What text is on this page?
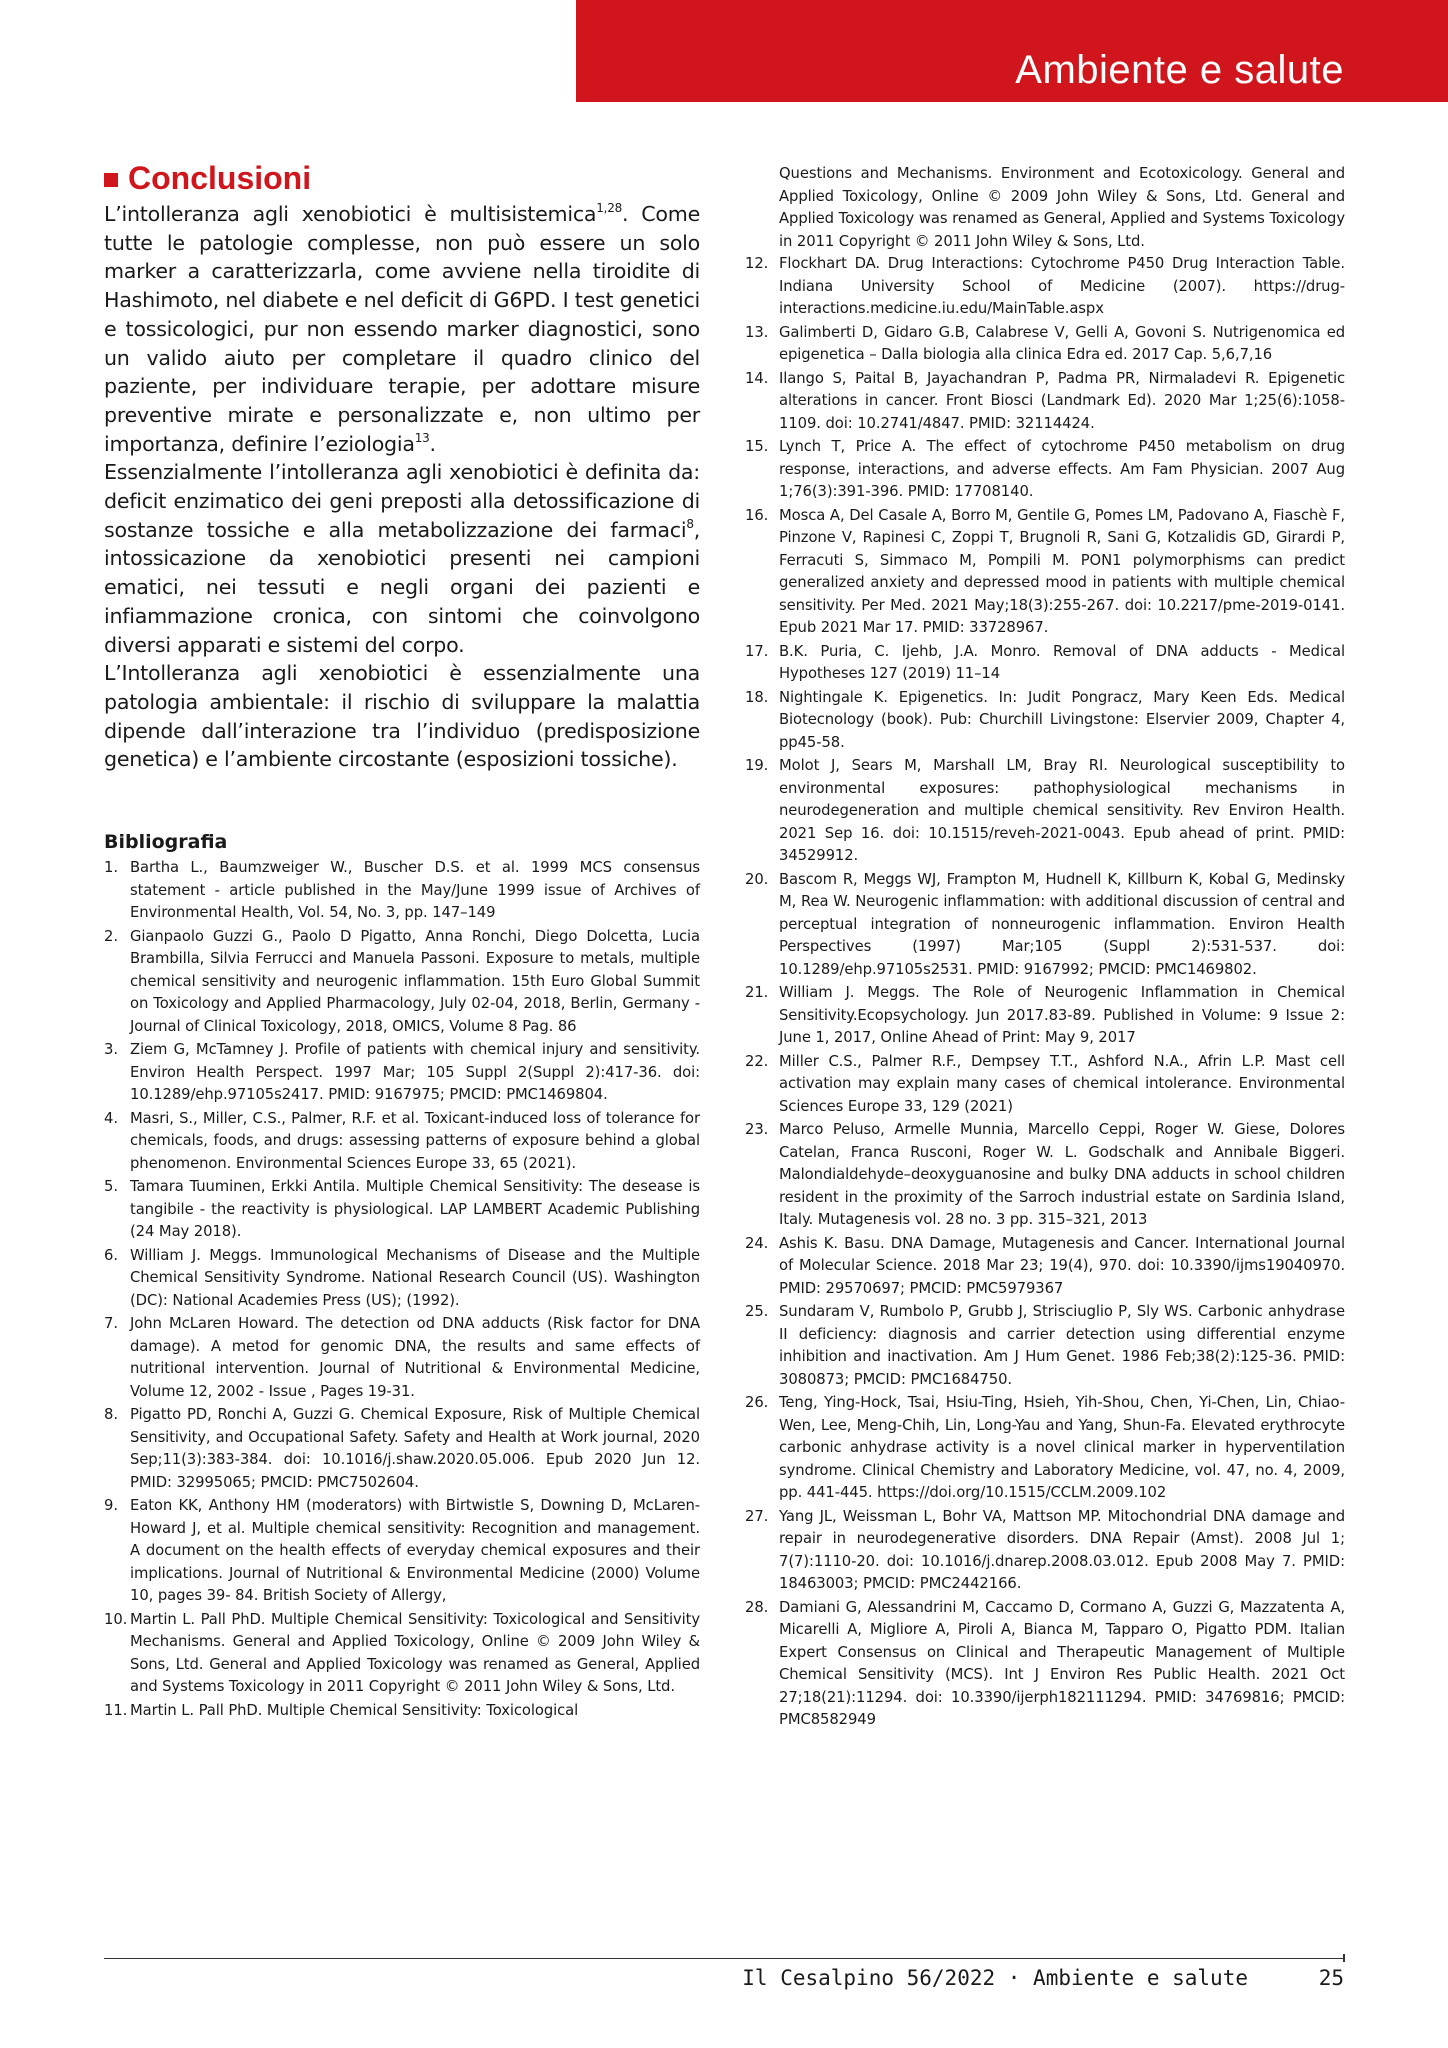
Ambiente e salute
Conclusioni

L’intolleranza agli xenobiotici è multisistemica$^{1,28}$. Come tutte le patologie complesse, non può essere un solo marker a caratterizzarla, come avviene nella tiroidite di Hashimoto, nel diabete e nel deficit di G6PD. I test genetici e tossicologici, pur non essendo marker diagnostici, sono un valido aiuto per completare il quadro clinico del paziente, per individuare terapie, per adottare misure preventive mirate e personalizzate e, non ultimo per importanza, definire l’eziologia$^{13}$.

Essenzialmente l’intolleranza agli xenobiotici è definita da: deficit enzimatico dei geni preposti alla detossificazione di sostanze tossiche e alla metabolizzazione dei farmaci$^8$, intossicazione da xenobiotici presenti nei campioni ematici, nei tessuti e negli organi dei pazienti e infiammazione cronica, con sintomi che coinvolgono diversi apparati e sistemi del corpo.

L’Intolleranza agli xenobiotici è essenzialmente una patologia ambientale: il rischio di sviluppare la malattia dipende dall’interazione tra l’individuo (predisposizione genetica) e l’ambiente circostante (esposizioni tossiche).

Bibliografia
1. Bartha L., Baumzweiger W., Buscher D.S. et al. 1999 MCS consensus statement - article published in the May/June 1999 issue of Archives of Environmental Health, Vol. 54, No. 3, pp. 147–149
2. Gianpaolo Guzzi G., Paolo D Pigatto, Anna Ronchi, Diego Dolcetta, Lucia Brambilla, Silvia Ferrucci and Manuela Passoni. Exposure to metals, multiple chemical sensitivity and neurogenic inflammation. 15th Euro Global Summit on Toxicology and Applied Pharmacology, July 02-04, 2018, Berlin, Germany - Journal of Clinical Toxicology, 2018, OMICS, Volume 8 Pag. 86
3. Ziem G, McTamney J. Profile of patients with chemical injury and sensitivity. Environ Health Perspect. 1997 Mar; 105 Suppl 2(Suppl 2):417-36. doi: 10.1289/ehp.97105s2417. PMID: 9167975; PMCID: PMC1469804.
4. Masri, S., Miller, C.S., Palmer, R.F. et al. Toxicant-induced loss of tolerance for chemicals, foods, and drugs: assessing patterns of exposure behind a global phenomenon. Environmental Sciences Europe 33, 65 (2021).
5. Tamara Tuuminen, Erkki Antila. Multiple Chemical Sensitivity: The desease is tangibile - the reactivity is physiological. LAP LAMBERT Academic Publishing (24 May 2018).
6. William J. Meggs. Immunological Mechanisms of Disease and the Multiple Chemical Sensitivity Syndrome. National Research Council (US). Washington (DC): National Academies Press (US); (1992).
7. John McLaren Howard. The detection od DNA adducts (Risk factor for DNA damage). A metod for genomic DNA, the results and same effects of nutritional intervention. Journal of Nutritional & Environmental Medicine, Volume 12, 2002 - Issue , Pages 19-31.
8. Pigatto PD, Ronchi A, Guzzi G. Chemical Exposure, Risk of Multiple Chemical Sensitivity, and Occupational Safety. Safety and Health at Work journal, 2020 Sep;11(3):383-384. doi: 10.1016/j.shaw.2020.05.006. Epub 2020 Jun 12. PMID: 32995065; PMCID: PMC7502604.
9. Eaton KK, Anthony HM (moderators) with Birtwistle S, Downing D, McLaren-Howard J, et al. Multiple chemical sensitivity: Recognition and management. A document on the health effects of everyday chemical exposures and their implications. Journal of Nutritional & Environmental Medicine (2000) Volume 10, pages 39- 84. British Society of Allergy,
10. Martin L. Pall PhD. Multiple Chemical Sensitivity: Toxicological and Sensitivity Mechanisms. General and Applied Toxicology, Online © 2009 John Wiley & Sons, Ltd. General and Applied Toxicology was renamed as General, Applied and Systems Toxicology in 2011 Copyright © 2011 John Wiley & Sons, Ltd.
11. Martin L. Pall PhD. Multiple Chemical Sensitivity: Toxicological
Questions and Mechanisms. Environment and Ecotoxicology. General and Applied Toxicology, Online © 2009 John Wiley & Sons, Ltd. General and Applied Toxicology was renamed as General, Applied and Systems Toxicology in 2011 Copyright © 2011 John Wiley & Sons, Ltd.
12. Flockhart DA. Drug Interactions: Cytochrome P450 Drug Interaction Table. Indiana University School of Medicine (2007). https://drug-interactions.medicine.iu.edu/MainTable.aspx
13. Galimberti D, Gidaro G.B, Calabrese V, Gelli A, Govoni S. Nutrigenomica ed epigenetica – Dalla biologia alla clinica Edra ed. 2017 Cap. 5,6,7,16
14. Ilango S, Paital B, Jayachandran P, Padma PR, Nirmaladevi R. Epigenetic alterations in cancer. Front Biosci (Landmark Ed). 2020 Mar 1;25(6):1058-1109. doi: 10.2741/4847. PMID: 32114424.
15. Lynch T, Price A. The effect of cytochrome P450 metabolism on drug response, interactions, and adverse effects. Am Fam Physician. 2007 Aug 1;76(3):391-396. PMID: 17708140.
16. Mosca A, Del Casale A, Borro M, Gentile G, Pomes LM, Padovano A, Fiaschè F, Pinzone V, Rapinesi C, Zoppi T, Brugnoli R, Sani G, Kotzalidis GD, Girardi P, Ferracuti S, Simmaco M, Pompili M. PON1 polymorphisms can predict generalized anxiety and depressed mood in patients with multiple chemical sensitivity. Per Med. 2021 May;18(3):255-267. doi: 10.2217/pme-2019-0141. Epub 2021 Mar 17. PMID: 33728967.
17. B.K. Puria, C. Ijehb, J.A. Monro. Removal of DNA adducts - Medical Hypotheses 127 (2019) 11–14
18. Nightingale K. Epigenetics. In: Judit Pongracz, Mary Keen Eds. Medical Biotecnology (book). Pub: Churchill Livingstone: Elservier 2009, Chapter 4, pp45-58.
19. Molot J, Sears M, Marshall LM, Bray RI. Neurological susceptibility to environmental exposures: pathophysiological mechanisms in neurodegeneration and multiple chemical sensitivity. Rev Environ Health. 2021 Sep 16. doi: 10.1515/reveh-2021-0043. Epub ahead of print. PMID: 34529912.
20. Bascom R, Meggs WJ, Frampton M, Hudnell K, Killburn K, Kobal G, Medinsky M, Rea W. Neurogenic inflammation: with additional discussion of central and perceptual integration of nonneurogenic inflammation. Environ Health Perspectives (1997) Mar;105 (Suppl 2):531-537. doi: 10.1289/ehp.97105s2531. PMID: 9167992; PMCID: PMC1469802.
21. William J. Meggs. The Role of Neurogenic Inflammation in Chemical Sensitivity.Ecopsychology. Jun 2017.83-89. Published in Volume: 9 Issue 2: June 1, 2017, Online Ahead of Print: May 9, 2017
22. Miller C.S., Palmer R.F., Dempsey T.T., Ashford N.A., Afrin L.P. Mast cell activation may explain many cases of chemical intolerance. Environmental Sciences Europe 33, 129 (2021)
23. Marco Peluso, Armelle Munnia, Marcello Ceppi, Roger W. Giese, Dolores Catelan, Franca Rusconi, Roger W. L. Godschalk and Annibale Biggeri. Malondialdehyde–deoxyguanosine and bulky DNA adducts in school children resident in the proximity of the Sarroch industrial estate on Sardinia Island, Italy. Mutagenesis vol. 28 no. 3 pp. 315–321, 2013
24. Ashis K. Basu. DNA Damage, Mutagenesis and Cancer. International Journal of Molecular Science. 2018 Mar 23; 19(4), 970. doi: 10.3390/ijms19040970. PMID: 29570697; PMCID: PMC5979367
25. Sundaram V, Rumbolo P, Grubb J, Strisciuglio P, Sly WS. Carbonic anhydrase II deficiency: diagnosis and carrier detection using differential enzyme inhibition and inactivation. Am J Hum Genet. 1986 Feb;38(2):125-36. PMID: 3080873; PMCID: PMC1684750.
26. Teng, Ying-Hock, Tsai, Hsiu-Ting, Hsieh, Yih-Shou, Chen, Yi-Chen, Lin, Chiao-Wen, Lee, Meng-Chih, Lin, Long-Yau and Yang, Shun-Fa. Elevated erythrocyte carbonic anhydrase activity is a novel clinical marker in hyperventilation syndrome. Clinical Chemistry and Laboratory Medicine, vol. 47, no. 4, 2009, pp. 441-445. https://doi.org/10.1515/CCLM.2009.102
27. Yang JL, Weissman L, Bohr VA, Mattson MP. Mitochondrial DNA damage and repair in neurodegenerative disorders. DNA Repair (Amst). 2008 Jul 1; 7(7):1110-20. doi: 10.1016/j.dnarep.2008.03.012. Epub 2008 May 7. PMID: 18463003; PMCID: PMC2442166.
28. Damiani G, Alessandrini M, Caccamo D, Cormano A, Guzzi G, Mazzatenta A, Micarelli A, Migliore A, Piroli A, Bianca M, Tapparo O, Pigatto PDM. Italian Expert Consensus on Clinical and Therapeutic Management of Multiple Chemical Sensitivity (MCS). Int J Environ Res Public Health. 2021 Oct 27;18(21):11294. doi: 10.3390/ijerph182111294. PMID: 34769816; PMCID: PMC8582949
Il Cesalpino 56/2022 · Ambiente e salute	25
